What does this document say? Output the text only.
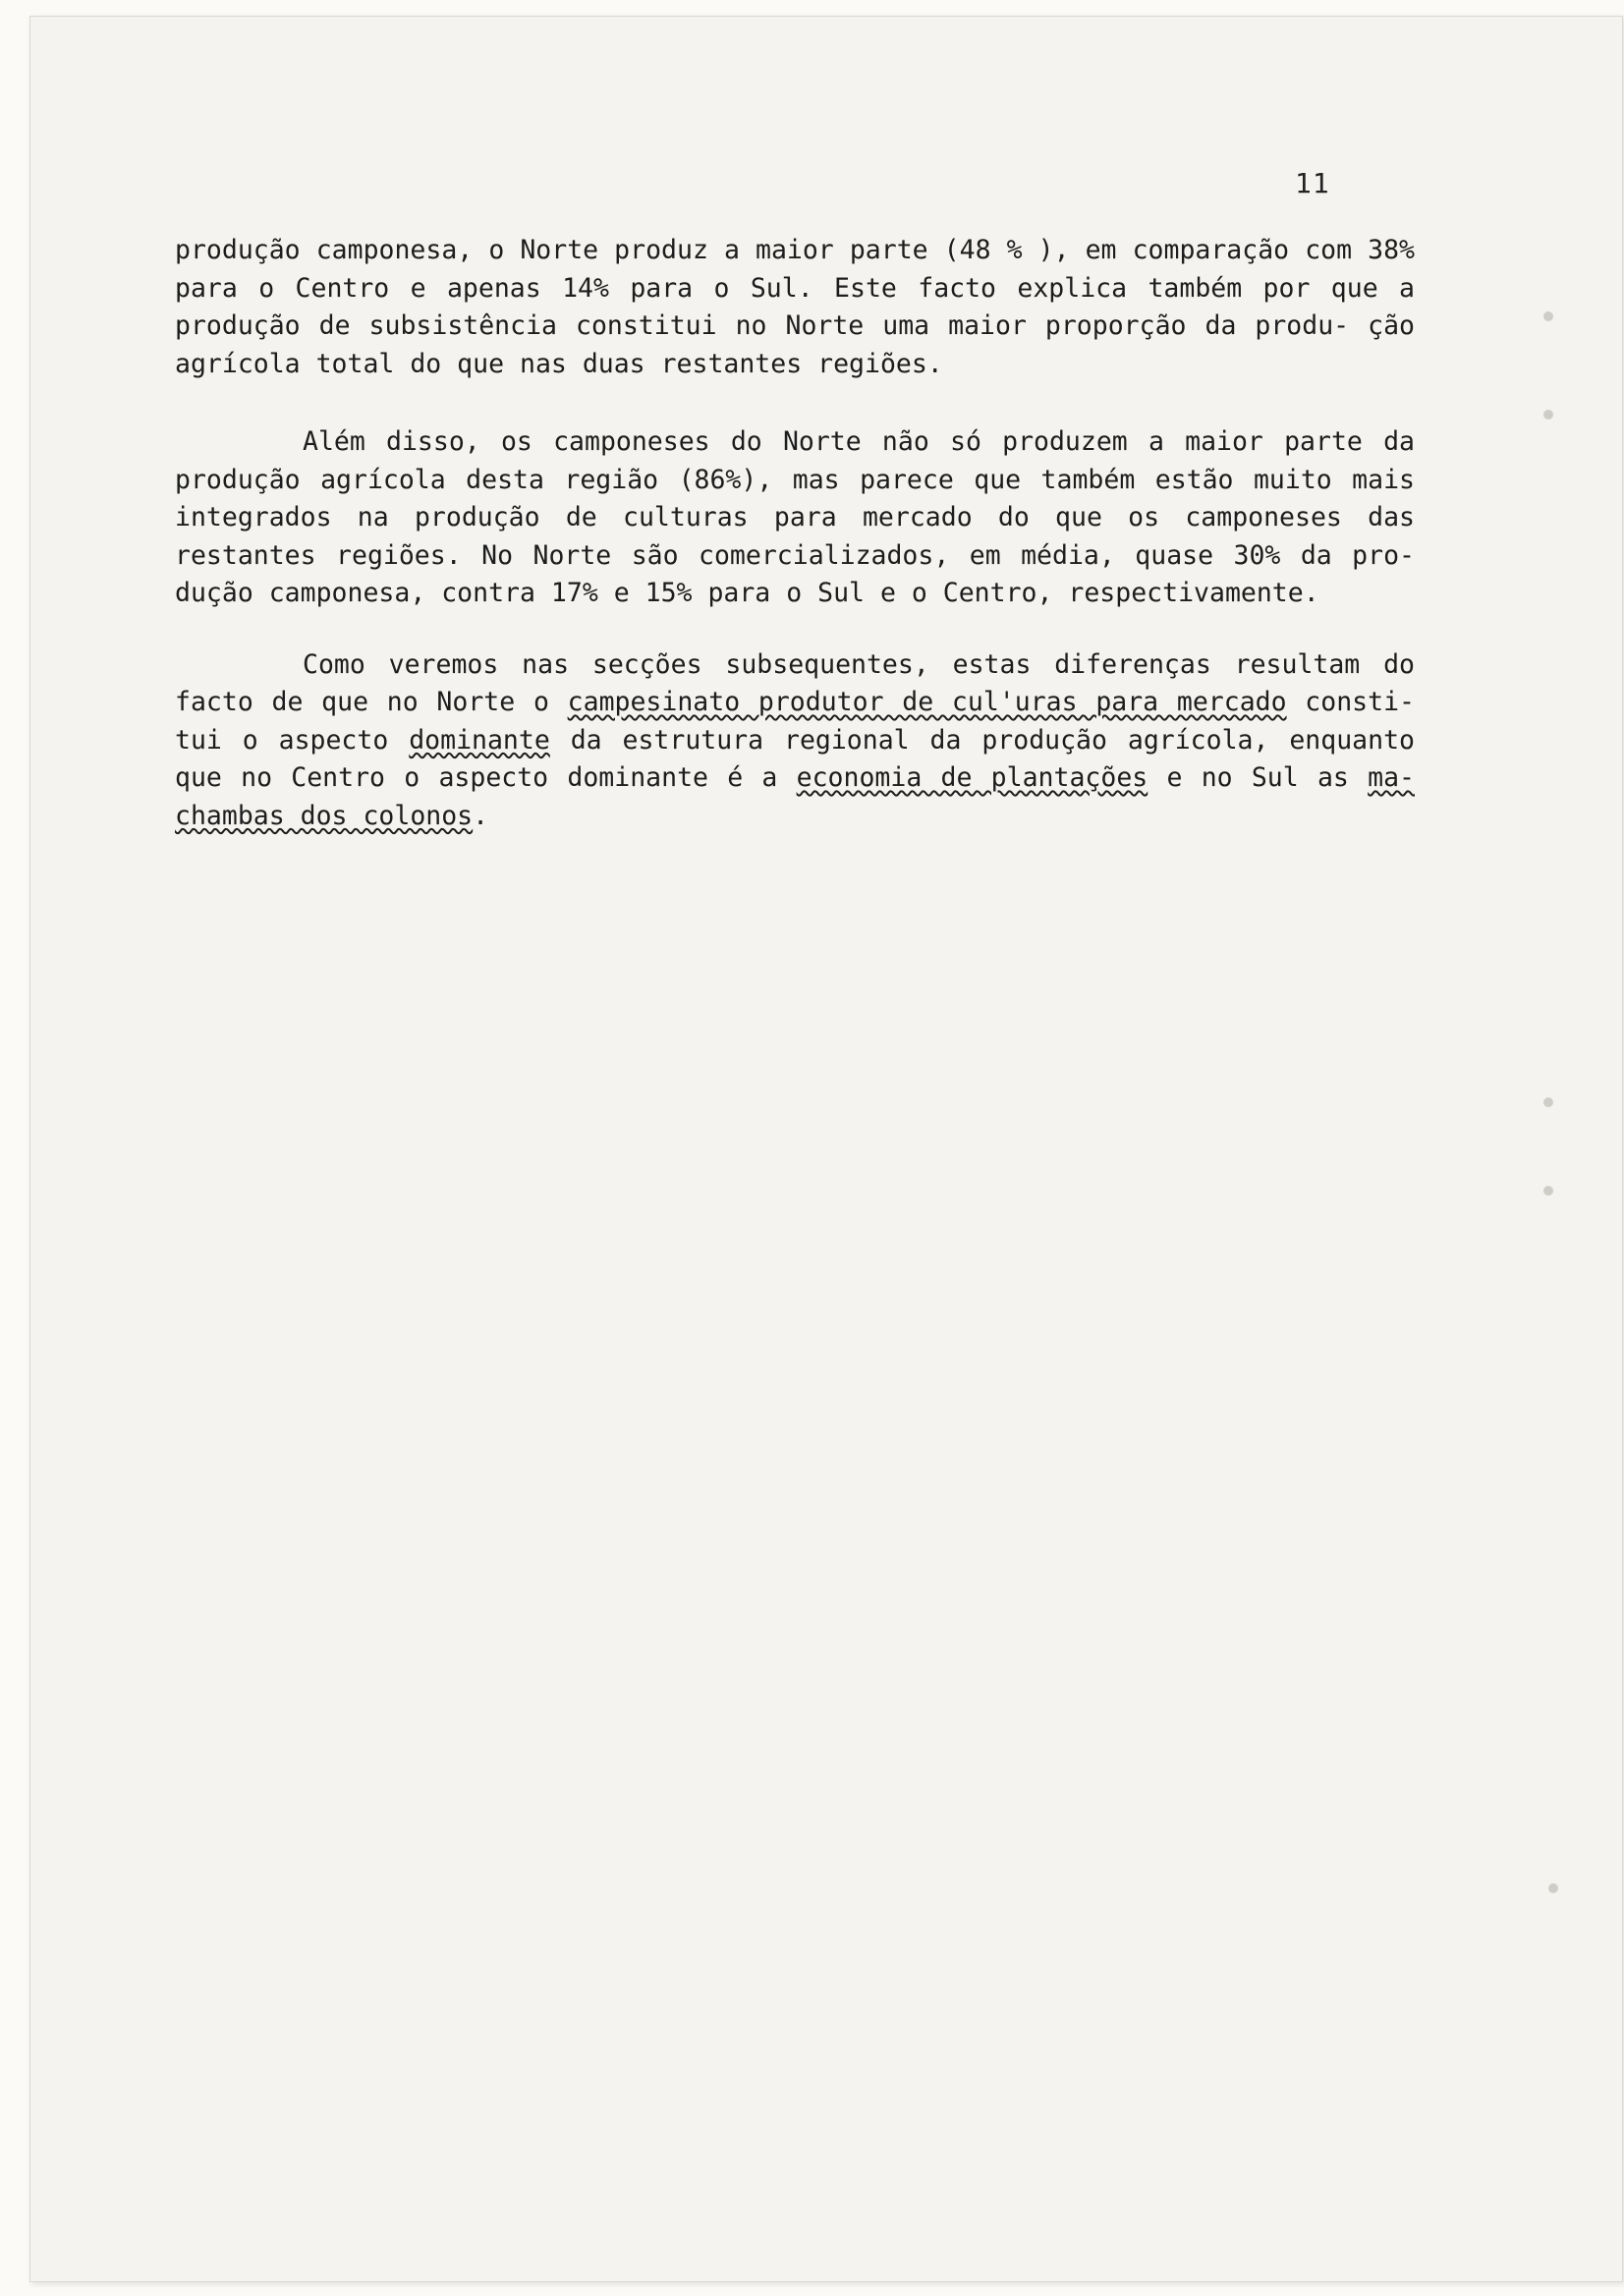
11

produção camponesa, o Norte produz a maior parte (48 % ), em comparação com 38% para o Centro e apenas 14% para o Sul. Este facto explica também por que a produção de subsistência constitui no Norte uma maior proporção da produ- ção agrícola total do que nas duas restantes regiões.

Além disso, os camponeses do Norte não só produzem a maior parte da produção agrícola desta região (86%), mas parece que também estão muito mais integrados na produção de culturas para mercado do que os camponeses das restantes regiões. No Norte são comercializados, em média, quase 30% da pro- dução camponesa, contra 17% e 15% para o Sul e o Centro, respectivamente.

Como veremos nas secções subsequentes, estas diferenças resultam do facto de que no Norte o campesinato produtor de cul'uras para mercado consti- tui o aspecto dominante da estrutura regional da produção agrícola, enquanto que no Centro o aspecto dominante é a economia de plantações e no Sul as ma- chambas dos colonos.
